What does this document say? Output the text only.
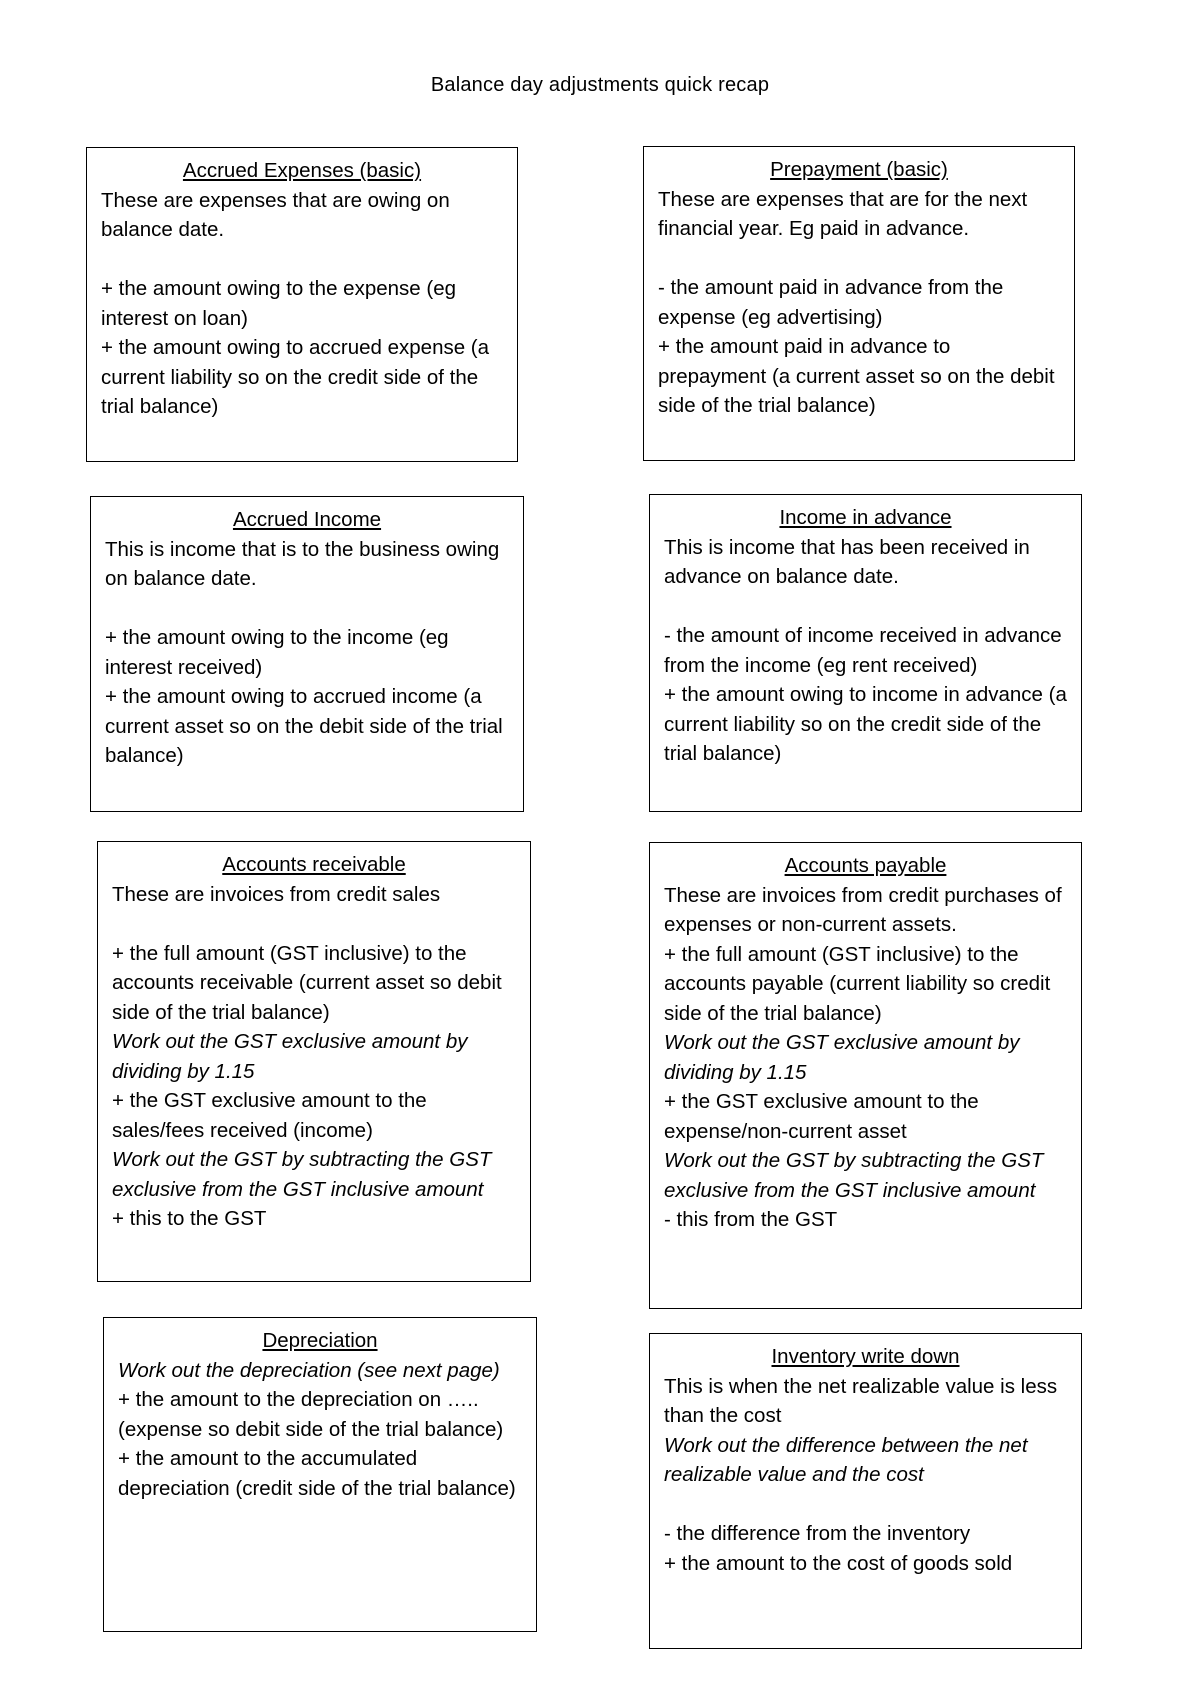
Balance day adjustments quick recap
Accrued Expenses (basic)
These are expenses that are owing on balance date.
+ the amount owing to the expense (eg interest on loan)
+ the amount owing to accrued expense (a current liability so on the credit side of the trial balance)
Prepayment (basic)
These are expenses that are for the next financial year. Eg paid in advance.
- the amount paid in advance from the expense (eg advertising)
+ the amount paid in advance to prepayment (a current asset so on the debit side of the trial balance)
Accrued Income
This is income that is to the business owing on balance date.
+ the amount owing to the income (eg interest received)
+ the amount owing to accrued income (a current asset so on the debit side of the trial balance)
Income in advance
This is income that has been received in advance on balance date.
- the amount of income received in advance from the income (eg rent received)
+ the amount owing to income in advance (a current liability so on the credit side of the trial balance)
Accounts receivable
These are invoices from credit sales
+ the full amount (GST inclusive) to the accounts receivable (current asset so debit side of the trial balance)
Work out the GST exclusive amount by dividing by 1.15
+ the GST exclusive amount to the sales/fees received (income)
Work out the GST by subtracting the GST exclusive from the GST inclusive amount
+ this to the GST
Accounts payable
These are invoices from credit purchases of expenses or non-current assets.
+ the full amount (GST inclusive) to the accounts payable (current liability so credit side of the trial balance)
Work out the GST exclusive amount by dividing by 1.15
+ the GST exclusive amount to the expense/non-current asset
Work out the GST by subtracting the GST exclusive from the GST inclusive amount
- this from the GST
Depreciation
Work out the depreciation (see next page)
+ the amount to the depreciation on ….. (expense so debit side of the trial balance)
+ the amount to the accumulated depreciation (credit side of the trial balance)
Inventory write down
This is when the net realizable value is less than the cost
Work out the difference between the net realizable value and the cost
- the difference from the inventory
+ the amount to the cost of goods sold
